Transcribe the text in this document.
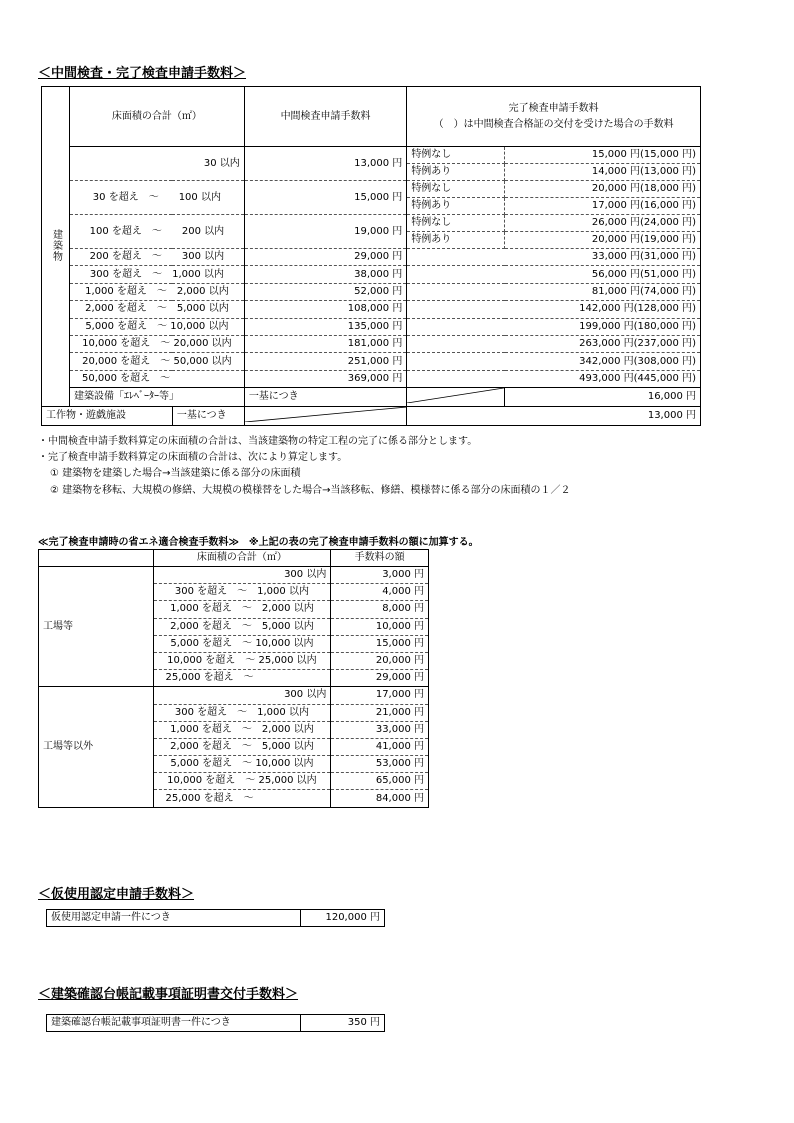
＜中間検査・完了検査申請手数料＞
建築物	床面積の合計（㎡）		中間検査申請手数料	完了検査申請手数料
（　）は中間検査合格証の交付を受けた場合の手数料	

	30 以内		13,000 円	特例なし	15,000 円(15,000 円)
				特例あり	14,000 円(13,000 円)
	30 を超え　～　　100 以内		15,000 円	特例なし	20,000 円(18,000 円)
				特例あり	17,000 円(16,000 円)
	100 を超え　～　　200 以内		19,000 円	特例なし	26,000 円(24,000 円)
				特例あり	20,000 円(19,000 円)
	200 を超え　～　　300 以内		29,000 円	33,000 円(31,000 円)	
	300 を超え　～　1,000 以内		38,000 円	56,000 円(51,000 円)	
	1,000 を超え　～　2,000 以内		52,000 円	81,000 円(74,000 円)	
	2,000 を超え　～　5,000 以内		108,000 円	142,000 円(128,000 円)	
	5,000 を超え　～ 10,000 以内		135,000 円	199,000 円(180,000 円)	
	10,000 を超え　～ 20,000 以内		181,000 円	263,000 円(237,000 円)	
	20,000 を超え　～ 50,000 以内		251,000 円	342,000 円(308,000 円)	
	50,000 を超え　～		369,000 円	493,000 円(445,000 円)	
	建築設備「ｴﾚﾍﾞｰﾀｰ等」		一基につき		16,000 円
工作物・遊戯施設		一基につき		13,000 円	
・中間検査申請手数料算定の床面積の合計は、当該建築物の特定工程の完了に係る部分とします。
・完了検査申請手数料算定の床面積の合計は、次により算定します。
① 建築物を建築した場合→当該建築に係る部分の床面積
② 建築物を移転、大規模の修繕、大規模の模様替をした場合→当該移転、修繕、模様替に係る部分の床面積の１／２
≪完了検査申請時の省エネ適合検査手数料≫　※上記の表の完了検査申請手数料の額に加算する。
	床面積の合計（㎡）	手数料の額
工場等	300 以内	3,000 円
	300 を超え　～　1,000 以内	4,000 円
	1,000 を超え　～　2,000 以内	8,000 円
	2,000 を超え　～　5,000 以内	10,000 円
	5,000 を超え　～ 10,000 以内	15,000 円
	10,000 を超え　～ 25,000 以内	20,000 円
	25,000 を超え　～	29,000 円
工場等以外	300 以内	17,000 円
	300 を超え　～　1,000 以内	21,000 円
	1,000 を超え　～　2,000 以内	33,000 円
	2,000 を超え　～　5,000 以内	41,000 円
	5,000 を超え　～ 10,000 以内	53,000 円
	10,000 を超え　～ 25,000 以内	65,000 円
	25,000 を超え　～	84,000 円
＜仮使用認定申請手数料＞
仮使用認定申請一件につき	120,000 円
＜建築確認台帳記載事項証明書交付手数料＞
建築確認台帳記載事項証明書一件につき	350 円
